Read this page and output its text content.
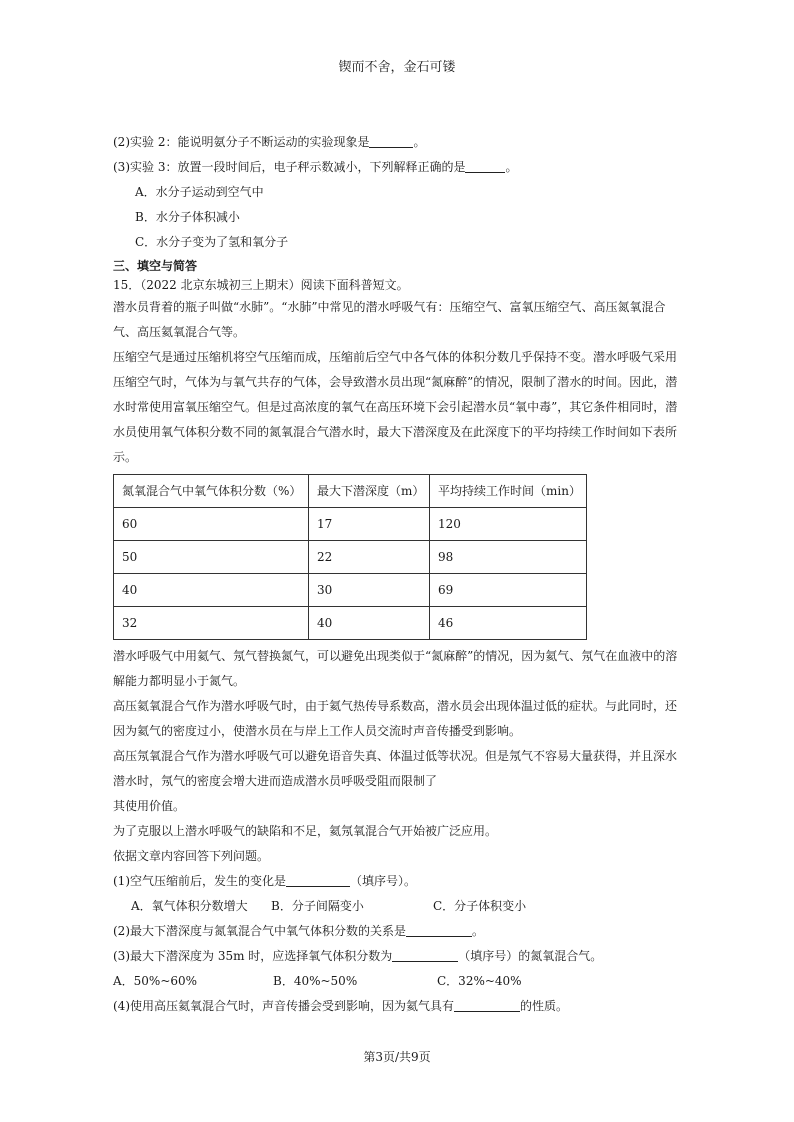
锲而不舍，金石可镂
(2)实验 2：能说明氨分子不断运动的实验现象是	。
(3)实验 3：放置一段时间后，电子秤示数减小，下列解释正确的是	。
A．水分子运动到空气中
B．水分子体积减小
C．水分子变为了氢和氧分子
三、填空与简答
15．（2022 北京东城初三上期末）阅读下面科普短文。
潜水员背着的瓶子叫做“水肺”。“水肺”中常见的潜水呼吸气有：压缩空气、富氧压缩空气、高压氮氧混合气、高压氦氧混合气等。
压缩空气是通过压缩机将空气压缩而成，压缩前后空气中各气体的体积分数几乎保持不变。潜水呼吸气采用压缩空气时，气体为与氧气共存的气体，会导致潜水员出现“氮麻醉”的情况，限制了潜水的时间。因此，潜水时常使用富氧压缩空气。但是过高浓度的氧气在高压环境下会引起潜水员“氧中毒”，其它条件相同时，潜水员使用氧气体积分数不同的氮氧混合气潜水时，最大下潜深度及在此深度下的平均持续工作时间如下表所示。
氮氧混合气中氧气体积分数（%）	最大下潜深度（m）	平均持续工作时间（min）
60	17	120
50	22	98
40	30	69
32	40	46
潜水呼吸气中用氦气、氖气替换氮气，可以避免出现类似于“氮麻醉”的情况，因为氦气、氖气在血液中的溶解能力都明显小于氮气。
高压氦氧混合气作为潜水呼吸气时，由于氦气热传导系数高，潜水员会出现体温过低的症状。与此同时，还因为氦气的密度过小，使潜水员在与岸上工作人员交流时声音传播受到影响。
高压氖氧混合气作为潜水呼吸气可以避免语音失真、体温过低等状况。但是氖气不容易大量获得，并且深水潜水时，氖气的密度会增大进而造成潜水员呼吸受阻而限制了
其使用价值。
为了克服以上潜水呼吸气的缺陷和不足，氦氖氧混合气开始被广泛应用。
依据文章内容回答下列问题。
(1)空气压缩前后，发生的变化是	（填序号）。
A．氧气体积分数增大	B．分子间隔变小	C．分子体积变小
(2)最大下潜深度与氮氧混合气中氧气体积分数的关系是	。
(3)最大下潜深度为 35m 时，应选择氧气体积分数为	（填序号）的氮氧混合气。
A．50%~60%	B．40%~50%	C．32%~40%
(4)使用高压氦氧混合气时，声音传播会受到影响，因为氦气具有	的性质。
第3页/共9页
